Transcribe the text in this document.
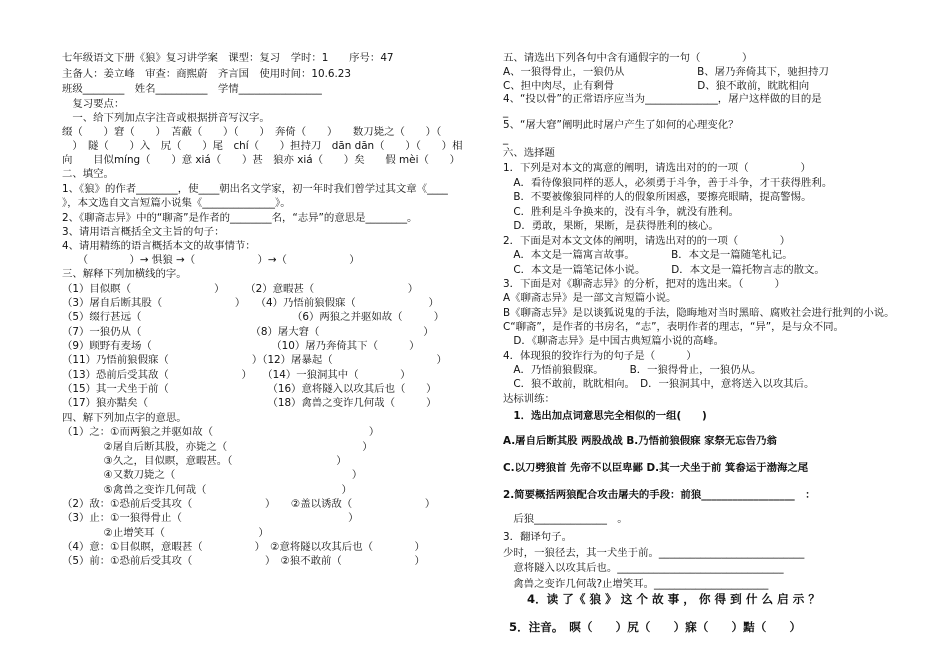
七年级语文下册《狼》复习讲学案　课型：复习　学时：1　　序号：47
主备人：姜立峰　审查：商熙蔚　齐言国　使用时间：10.6.23
班级________　姓名__________　学情________________
　复习要点：
　一、给下列加点字注音或根据拼音写汉字。
缀（　　）窘（　　）　苫蔽（　　）（　　）　奔倚（　　）　　数刀毙之（　　）（
　）　隧（　　）入　尻（　　）尾　chí（　　）担持刀　dān dān（　　）（　　）相
向　　目似míng（　　）意 xiá（　　）甚　狼亦 xiá（　　）矣　　假 mèi（　　）
二、填空。
1、《狼》的作者________，使____朝出名文学家，初一年时我们曾学过其文章《____
》，本文选自文言短篇小说集《______________》。
2、《聊斋志异》中的“聊斋”是作者的________名，“志异”的意思是________。
3、请用语言概括全文主旨的句子：
4、请用精练的语言概括本文的故事情节：
　　（　　　　）→ 惧狼 →（　　　　　　）→（　　　　　　）
三、解释下列加横线的字。
（1）目似瞑（　　　　　　　　）　　　（2）意暇甚（　　　　　　　　　）
（3）屠自后断其股（　　　　　　　）　　（4）乃悟前狼假寐（　　　　　　　）
（5）缀行甚远（　　　　　　　　　　　　　　　（6）两狼之并驱如故（　　　）
（7）一狼仍从（　　　　　　　　　　　（8）屠大窘（　　　　　　　　　　）
（9）顾野有麦场（　　　　　　　　　　　　（10）屠乃奔倚其下（　　　）
（11）乃悟前狼假寐（　　　　　　　　）（12）屠暴起（　　　　　　　　　　）
（13）恐前后受其敌（　　　　　　　）　　（14）一狼洞其中（　　　　）
（15）其一犬坐于前（　　　　　　　　　　（16）意将隧入以攻其后也（　　）
（17）狼亦黠矣（　　　　　　　　　　　　（18）禽兽之变诈几何哉（　　　）
四、解下列加点字的意思。
（1）之：①而两狼之并驱如故（　　　　　　　　　　　　　　　）
　　　　②屠自后断其股，亦毙之（　　　　　　　　　　　　　）
　　　　③久之，目似瞑，意暇甚。（　　　　　　　　　　）
　　　　④又数刀毙之（　　　　　　　　　　　　　　　　　）
　　　　⑤禽兽之变诈几何哉（　　　　　　　　　　　　　）
（2）敌：①恐前后受其攻（　　　　　　　）　　②盖以诱敌（　　　　　　　）
（3）止：①一狼得骨止（　　　　　　　　　　　　　　　　）
　　　　②止增笑耳（　　　　　　　　　）
（4）意：①目似瞑，意暇甚（　　　　　）　②意将隧以攻其后也（　　　　）
（5）前：①恐前后受其攻（　　　　　　　）　②狼不敢前（　　　　　　　）
五、请选出下列各句中含有通假字的一句（　　　　）
A、一狼得骨止，一狼仍从　　　　　　　B、屠乃奔倚其下，驰担持刀
C、担中肉尽，止有剩骨　　　　　　　　D、狼不敢前，眈眈相向
4、“投以骨”的正常语序应当为______________，屠户这样做的目的是
_
5、“屠大窘”阐明此时屠户产生了如何的心理变化？
_
六、选择题
1．下列是对本文的寓意的阐明，请选出对的的一项（　　　　　）
　A．看待像狼同样的恶人，必须勇于斗争，善于斗争，才干获得胜利。
　B．不要被像狼同样的人的假象所困惑，要擦亮眼睛，提高警惕。
　C．胜利是斗争换来的，没有斗争，就没有胜利。
　D．勇敢，果断，果断，是获得胜利的核心。
2．下面是对本文文体的阐明，请选出对的的一项（　　　　）
　A．本文是一篇寓言故事。　　　　B．本文是一篇随笔札记。
　C．本文是一篇笔记体小说。　　　D．本文是一篇托物言志的散文。
3．下面是对《聊斋志异》的分析，把对的选出来。（　　　）
A《聊斋志异》是一部文言短篇小说。
B《聊斋志异》是以谈狐说鬼的手法，隐晦地对当时黑暗、腐败社会进行批判的小说。
C“聊斋”，是作者的书房名，“志”，表明作者的理志，“异”，是与众不同。
　D．《聊斋志异》是中国古典短篇小说的高峰。
4．体现狼的狡诈行为的句子是（　　　）
　A．乃悟前狼假寐。　　　B．一狼得骨止，一狼仍从。
　C．狼不敢前，眈眈相向。　D．一狼洞其中，意将送入以攻其后。
达标训练：
　1．选出加点词意思完全相似的一组(　　)
A.屠自后断其股 两股战战 B.乃悟前狼假寐 家祭无忘告乃翁
C.以刀劈狼首 先帝不以臣卑鄙 D.其一犬坐于前 箕畚运于渤海之尾
2.简要概括两狼配合攻击屠夫的手段：前狼__________________　：
　后狼______________　。
3．翻译句子。
少时，一狼径去，其一犬坐于前。____________________________
　意将隧入以攻其后也。________________________________
　禽兽之变诈几何哉?止增笑耳。______________________
4．读 了《 狼 》 这 个 故 事 ， 你 得 到 什 么 启 示 ？
5．注音。　暝（　　）尻（　　）寐（　　）黠（　　）
